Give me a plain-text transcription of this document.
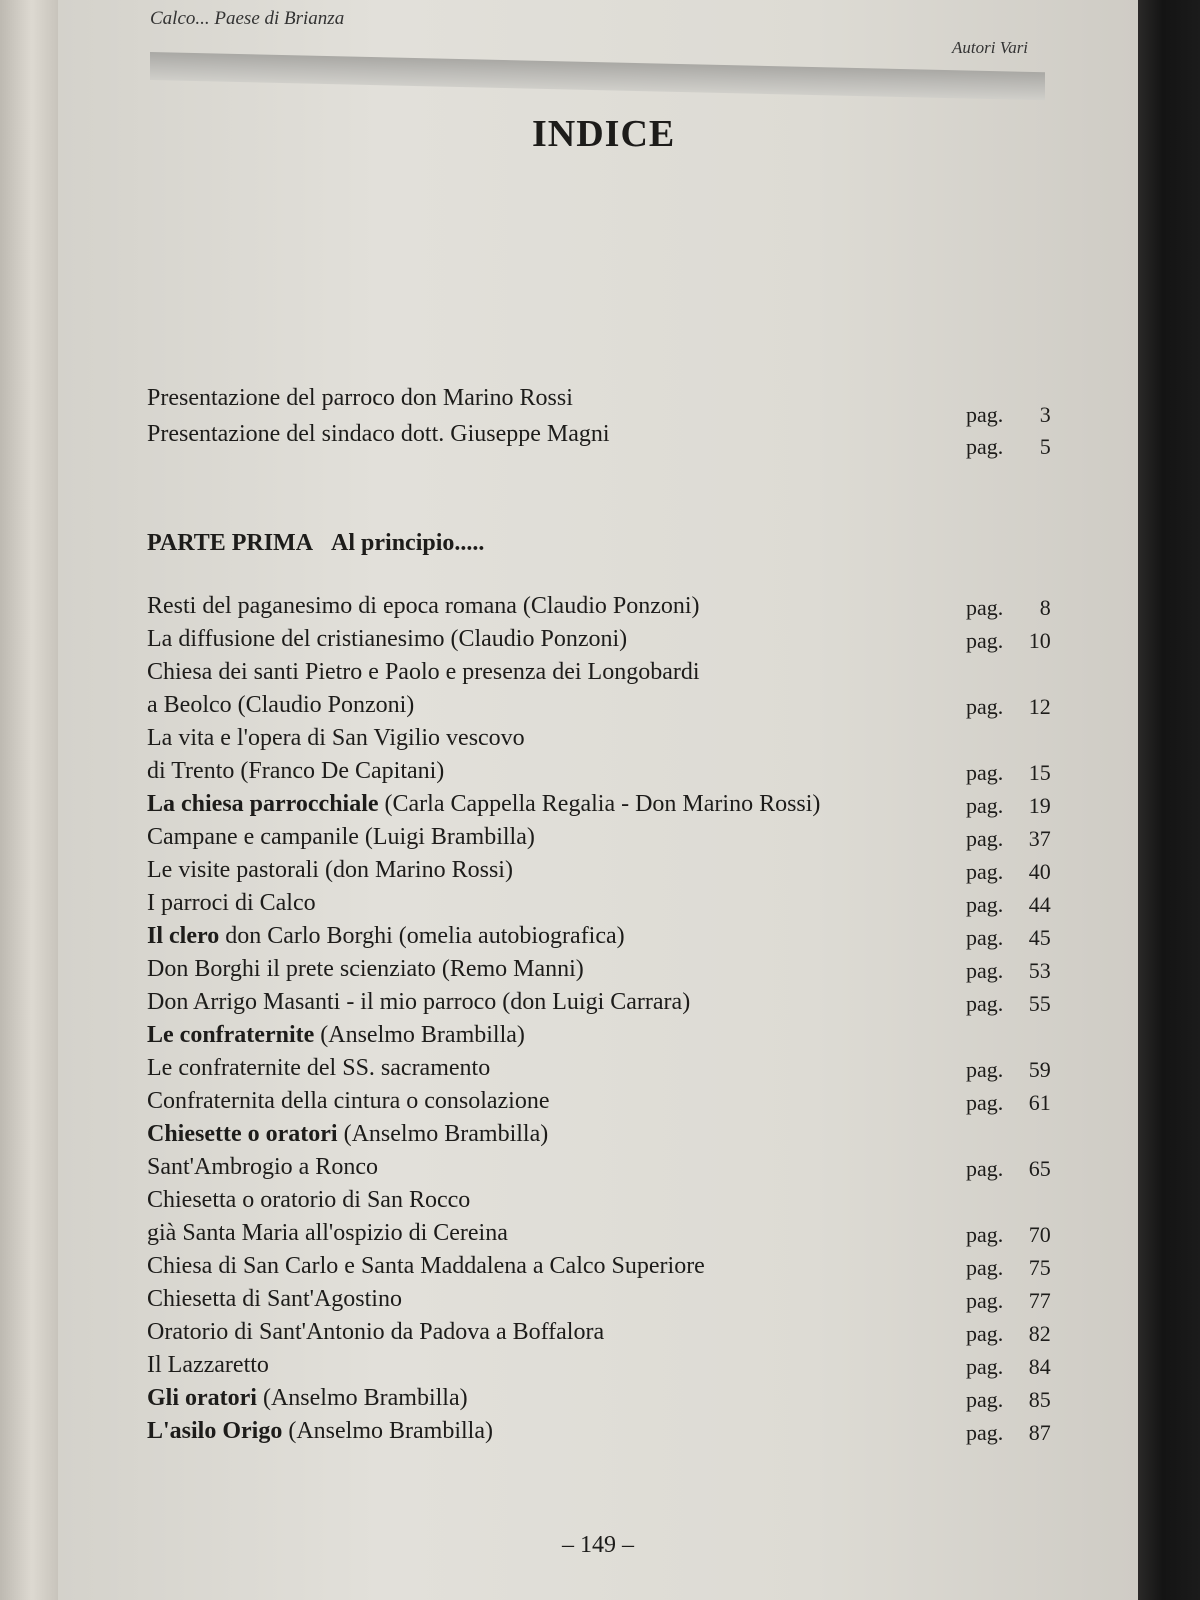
Calco... Paese di Brianza
Autori Vari
INDICE
Presentazione del parroco don Marino Rossi
pag. 3
Presentazione del sindaco dott. Giuseppe Magni	pag. 5
PARTE PRIMA Al principio.....
Resti del paganesimo di epoca romana (Claudio Ponzoni)
La diffusione del cristianesimo (Claudio Ponzoni)
Chiesa dei santi Pietro e Paolo e presenza dei Longobardi
a Beolco (Claudio Ponzoni)
La vita e l'opera di San Vigilio vescovo
di Trento (Franco De Capitani)
La chiesa parrocchiale (Carla Cappella Regalia - Don Marino Rossi)
Campane e campanile (Luigi Brambilla)
Le visite pastorali (don Marino Rossi)
I parroci di Calco
Il clero don Carlo Borghi (omelia autobiografica)
Don Borghi il prete scienziato (Remo Manni)
Don Arrigo Masanti - il mio parroco (don Luigi Carrara)
Le confraternite (Anselmo Brambilla)
Le confraternite del SS. sacramento
Confraternita della cintura o consolazione
Chiesette o oratori (Anselmo Brambilla)
Sant'Ambrogio a Ronco
Chiesetta o oratorio di San Rocco
già Santa Maria all'ospizio di Cereina
Chiesa di San Carlo e Santa Maddalena a Calco Superiore
Chiesetta di Sant'Agostino
Oratorio di Sant'Antonio da Padova a Boffalora
Il Lazzaretto
Gli oratori (Anselmo Brambilla)
L'asilo Origo (Anselmo Brambilla)
pag. 8
pag. 10
pag. 12
pag. 15
pag. 19
pag. 37
pag. 40
pag. 44
pag. 45
pag. 53
pag. 55
pag. 59
pag. 61
pag. 65
pag. 70
pag. 75
pag. 77
pag. 82
pag. 84
pag. 85
pag. 87
– 149 –
